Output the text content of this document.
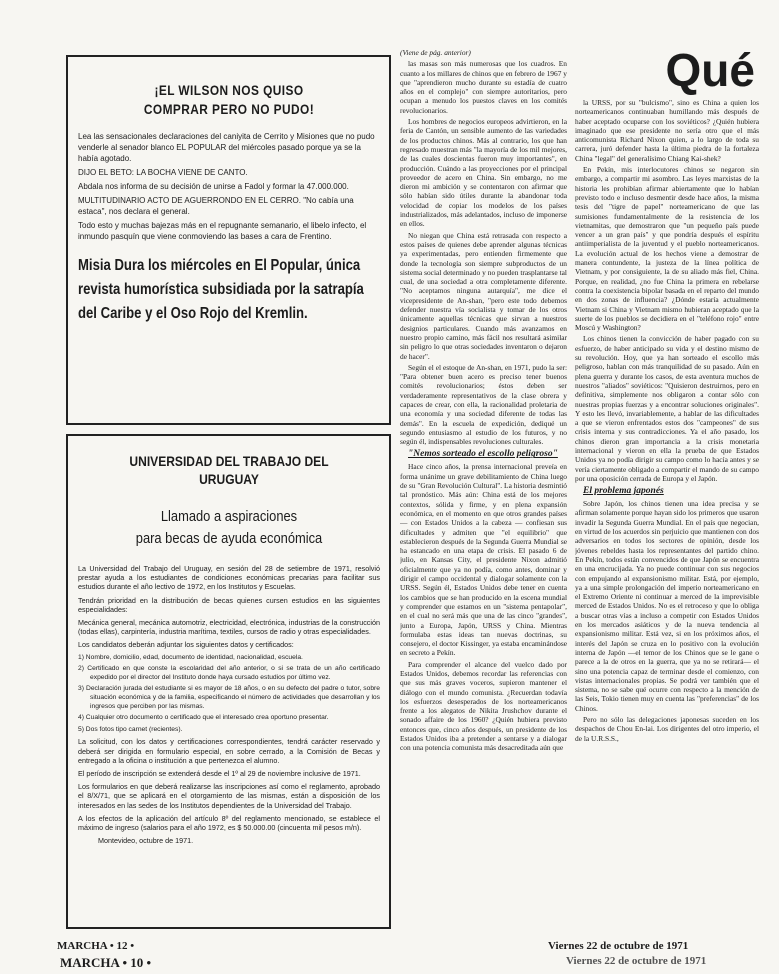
¡EL WILSON NOS QUISO COMPRAR PERO NO PUDO!

Lea las sensacionales declaraciones del caniyita de Cerrito y Misiones que no pudo venderle al senador blanco EL POPULAR del miércoles pasado porque ya se la había agotado.

DIJO EL BETO: LA BOCHA VIENE DE CANTO.

Abdala nos informa de su decisión de unirse a Fadol y formar la 47.000.000.

MULTITUDINARIO ACTO DE AGUERRONDO EN EL CERRO. "No cabía una estaca", nos declara el general.

Todo esto y muchas bajezas más en el repugnante semanario, el libelo infecto, el inmundo pasquín que viene conmoviendo las bases a cara de Frentino.

Misia Dura los miércoles en El Popular, única revista humorística subsidiada por la satrapía del Caribe y el Oso Rojo del Kremlin.

UNIVERSIDAD DEL TRABAJO DEL URUGUAY

Llamado a aspiraciones

para becas de ayuda económica

La Universidad del Trabajo del Uruguay, en sesión del 28 de setiembre de 1971, resolvió prestar ayuda a los estudiantes de condiciones económicas precarias para facilitar sus estudios durante el año lectivo de 1972, en los Institutos y Escuelas.

Tendrán prioridad en la distribución de becas quienes cursen estudios en las siguientes especialidades:

Mecánica general, mecánica automotriz, electricidad, electrónica, industrias de la construcción (todas ellas), carpintería, industria marítima, textiles, cursos de radio y otras especialidades.

Los candidatos deberán adjuntar los siguientes datos y certificados:

1) Nombre, domicilio, edad, documento de identidad, nacionalidad, escuela.
2) Certificado en que conste la escolaridad del año anterior, o si se trata de un año certificado expedido por el director del Instituto donde haya cursado estudios por último vez.
3) Declaración jurada del estudiante si es mayor de 18 años, o en su defecto del padre o tutor, sobre situación económica y de la familia, especificando el número de actividades que desarrollan y los ingresos que perciben por las mismas.
4) Cualquier otro documento o certificado que el interesado crea oportuno presentar.
5) Dos fotos tipo carnet (recientes).

La solicitud, con los datos y certificaciones correspondientes, tendrá carácter reservado y deberá ser dirigida en formulario especial, en sobre cerrado, a la Comisión de Becas y entregado a la oficina o institución a que pertenezca el alumno.

El período de inscripción se extenderá desde el 1º al 29 de noviembre inclusive de 1971.

Los formularios en que deberá realizarse las inscripciones así como el reglamento, aprobado el 8/X/71, que se aplicará en el otorgamiento de las mismas, están a disposición de los interesados en las sedes de los Institutos dependientes de la Universidad del Trabajo.

A los efectos de la aplicación del artículo 8º del reglamento mencionado, se establece el máximo de ingreso (salarios para el año 1972, es $ 50.000.00 (cincuenta mil pesos m/n).

Montevideo, octubre de 1971.

(Viene de pág. anterior)

las masas son más numerosas que los cuadros. En cuanto a los millares de chinos que en febrero de 1967 y que "aprendieron mucho durante su estadía de cuatro años en el complejo" con siempre autoritarios, pero ocupan a menudo los puestos claves en los comités revolucionarios.

Los hombres de negocios europeos advirtieron, en la feria de Cantón, un sensible aumento de las variedades de los productos chinos. Más al contrario, los que han regresado muestran más "la mayoría de los mil mejores, de las cuales doscientas fueron muy importantes", en producción. Cuándo a las proyecciones por el principal proveedor de acero en China. Sin embargo, no me dieron mi ambición y se contentaron con afirmar que sólo habían sido útiles durante la abandonar toda velocidad de copiar los modelos de los países industrializados, más adelantados, incluso de imponerse en ellos.

No niegan que China está retrasada con respecto a estos países de quienes debe aprender algunas técnicas ya experimentadas, pero entienden firmemente que donde la tecnología son siempre subproductos de un sistema social determinado y no pueden trasplantarse tal cual, de una sociedad a otra completamente diferente. "No aceptamos ninguna autarquía", me dice el vicepresidente de An-shan, "pero este todo debemos defender nuestra vía socialista y tomar de los otros únicamente aquellas técnicas que sirvan a nuestros designios particulares. Cuando más avanzamos en nuestro propio camino, más fácil nos resultará asimilar sin peligro lo que otras sociedades inventaron o dejaron de hacer".

Según el el estoque de An-shan, en 1971, pudo la ser: "Para obtener buen acero es preciso tener buenos comités revolucionarios; éstos deben ser verdaderamente representativos de la clase obrera y capaces de crear, con ella, la racionalidad proletaria de una economía y una sociedad diferente de todas las demás". En la escuela de expedición, dediqué un segundo entusiasmo al estudio de los futuros, y no según él, indispensables revoluciones culturales.

"Nemos sorteado el escollo peligroso"

Hace cinco años, la prensa internacional preveía en forma unánime un grave debilitamiento de China luego de su "Gran Revolución Cultural". La historia desmintió tal pronóstico. Más aún: China está de los mejores contextos, sólida y firme, y en plena expansión económica, en el momento en que otros grandes países — con Estados Unidos a la cabeza — confiesan sus dificultades y admiten que "el equilibrio" que establecieron después de la Segunda Guerra Mundial se ha estancado en una etapa de crisis. El pasado 6 de julio, en Kansas City, el presidente Nixon admitió oficialmente que ya no podía, como antes, dominar y dirigir el campo occidental y dialogar solamente con la URSS. Según él, Estados Unidos debe tener en cuenta los cambios que se han producido en la escena mundial y comprender que estamos en un "sistema pentapolar", en el cual no será más que una de las cinco "grandes", junto a Europa, Japón, URSS y China. Mientras formulaba estas ideas tan nuevas doctrinas, su consejero, el doctor Kissinger, ya estaba encaminándose en secreto a Pekín.

Para comprender el alcance del vuelco dado por Estados Unidos, debemos recordar las referencias con que sus más graves voceros, supieron mantener el diálogo con el mundo comunista. ¿Recuerdan todavía los esfuerzos desesperados de los norteamericanos frente a los alegatos de Nikita Jrushchov durante el sonado affaire de los 1960? ¿Quién hubiera previsto entonces que, cinco años después, un presidente de los Estados Unidos iba a pretender a sentarse y a dialogar con una potencia comunista más desacreditada aún que

Qué

la URSS, por su "bulcismo", sino es China a quien los norteamericanos continuaban humillando más después de haber aceptado ocuparse con los soviéticos? ¿Quién hubiera imaginado que ese presidente no sería otro que el más anticomunista Richard Nixon quien, a lo largo de toda su carrera, juró defender hasta la última piedra de la fortaleza China "legal" del generalísimo Chiang Kai-shek?

En Pekín, mis interlocutores chinos se negaron sin embargo, a compartir mi asombro. Las leyes marxistas de la historia les prohibían afirmar abiertamente que lo habían previsto todo e incluso desmentir desde hace años, la misma tesis del "tigre de papel" norteamericano de que las sumisiones fundamentalmente de la resistencia de los vietnamitas, que demostraron que "un pequeño país puede vencer a un gran país" y que pondría después el espíritu antiimperialista de la juventud y el pueblo norteamericanos. La evolución actual de los hechos viene a demostrar de manera contundente, la justeza de la línea política de Vietnam, y por consiguiente, la de su aliado más fiel, China. Porque, en realidad, ¿no fue China la primera en rebelarse contra la coexistencia bipolar basada en el reparto del mundo en dos zonas de influencia? ¿Dónde estaría actualmente Vietnam si China y Vietnam mismo hubieran aceptado que la suerte de los pueblos se decidiera en el "teléfono rojo" entre Moscú y Washington?

Los chinos tienen la convicción de haber pagado con su esfuerzo, de haber anticipado su vida y el destino mismo de su revolución. Hoy, que ya han sorteado el escollo más peligroso, hablan con más tranquilidad de su pasado. Aún en plena guerra y durante los casos, de esta aventura muchos de nuestros "aliados" soviéticos: "Quisieron destruirnos, pero en definitiva, simplemente nos obligaron a contar sólo con nuestras propias fuerzas y a encontrar soluciones originales". Y esto les llevó, invariablemente, a hablar de las dificultades a que se vieron enfrentados estos dos "campeones" de sus crisis interna y sus contradicciones. Ya el año pasado, los chinos dieron gran importancia a la crisis monetaria internacional y vieron en ella la prueba de que Estados Unidos ya no podía dirigir su campo como lo hacía antes y se vería ciertamente obligado a compartir el mando de su campo por una oposición cerrada de Europa y el Japón.

El problema japonés

Sobre Japón, los chinos tienen una idea precisa y se afirman solamente porque hayan sido los primeros que usaron invadir la Segunda Guerra Mundial. En el país que negocian, en virtud de los acuerdos sin perjuicio que mantienen con dos adversarios en todos los sectores de opinión, desde los jóvenes rebeldes hasta los representantes del partido chino. En Pekín, todos están convencidos de que Japón se encuentra en una encrucijada. Ya no puede continuar con sus negocios con empujando al expansionismo militar. Está, por ejemplo, ya a una simple prolongación del imperio norteamericano en el Extremo Oriente ni continuar a merced de la imprevisible merced de Estados Unidos. No es el retroceso y que lo obliga a buscar otras vías a incluso a competir con Estados Unidos en los mercados asiáticos y de la nueva tendencia al expansionismo militar. Está vez, si en los próximos años, el interés del Japón se cruza en lo positivo con la evolución interna de Japón —el temor de los Chinos que se le gane o parece a la de otros en la guerra, que ya no se retirará— el sino una potencia capaz de terminar desde el comienzo, con vistas internacionales propias. Se podrá ver también que el sistema, no se sabe qué ocurre con respecto a la mención de las Seis, Tokio tienen muy en cuenta las "preferencias" de los Chinos.

Pero no sólo las delegaciones japonesas suceden en los despachos de Chou En-lai. Los dirigentes del otro imperio, el de la U.R.S.S.,

MARCHA • 12 •
MARCHA • 10 •
Viernes 22 de octubre de 1971
Viernes 22 de octubre de 1971
